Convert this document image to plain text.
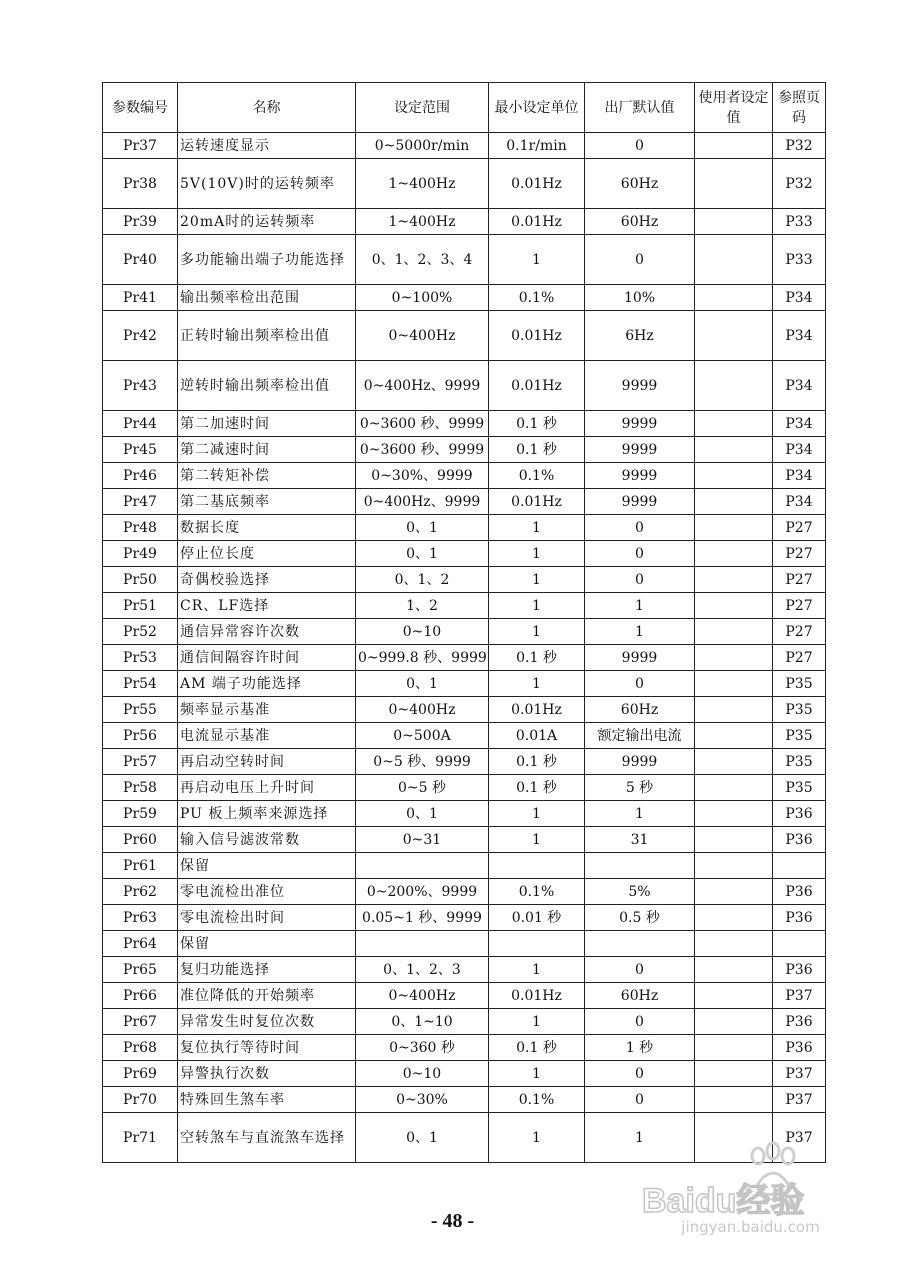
参数编号	名称	设定范围	最小设定单位	出厂默认值	使用者设定值	参照页码
Pr37	运转速度显示	0~5000r/min	0.1r/min	0		P32
Pr38	5V(10V)时的运转频率	1~400Hz	0.01Hz	60Hz		P32
Pr39	20mA时的运转频率	1~400Hz	0.01Hz	60Hz		P33
Pr40	多功能输出端子功能选择	0、1、2、3、4	1	0		P33
Pr41	输出频率检出范围	0~100%	0.1%	10%		P34
Pr42	正转时输出频率检出值	0~400Hz	0.01Hz	6Hz		P34
Pr43	逆转时输出频率检出值	0~400Hz、9999	0.01Hz	9999		P34
Pr44	第二加速时间	0~3600 秒、9999	0.1 秒	9999		P34
Pr45	第二减速时间	0~3600 秒、9999	0.1 秒	9999		P34
Pr46	第二转矩补偿	0~30%、9999	0.1%	9999		P34
Pr47	第二基底频率	0~400Hz、9999	0.01Hz	9999		P34
Pr48	数据长度	0、1	1	0		P27
Pr49	停止位长度	0、1	1	0		P27
Pr50	奇偶校验选择	0、1、2	1	0		P27
Pr51	CR、LF选择	1、2	1	1		P27
Pr52	通信异常容许次数	0~10	1	1		P27
Pr53	通信间隔容许时间	0~999.8 秒、9999	0.1 秒	9999		P27
Pr54	AM 端子功能选择	0、1	1	0		P35
Pr55	频率显示基准	0~400Hz	0.01Hz	60Hz		P35
Pr56	电流显示基准	0~500A	0.01A	额定输出电流		P35
Pr57	再启动空转时间	0~5 秒、9999	0.1 秒	9999		P35
Pr58	再启动电压上升时间	0~5 秒	0.1 秒	5 秒		P35
Pr59	PU 板上频率来源选择	0、1	1	1		P36
Pr60	输入信号滤波常数	0~31	1	31		P36
Pr61	保留					
Pr62	零电流检出准位	0~200%、9999	0.1%	5%		P36
Pr63	零电流检出时间	0.05~1 秒、9999	0.01 秒	0.5 秒		P36
Pr64	保留					
Pr65	复归功能选择	0、1、2、3	1	0		P36
Pr66	准位降低的开始频率	0~400Hz	0.01Hz	60Hz		P37
Pr67	异常发生时复位次数	0、1~10	1	0		P36
Pr68	复位执行等待时间	0~360 秒	0.1 秒	1 秒		P36
Pr69	异警执行次数	0~10	1	0		P37
Pr70	特殊回生煞车率	0~30%	0.1%	0		P37
Pr71	空转煞车与直流煞车选择	0、1	1	1		P37
- 48 -
Baidu经验
jingyan.baidu.com
